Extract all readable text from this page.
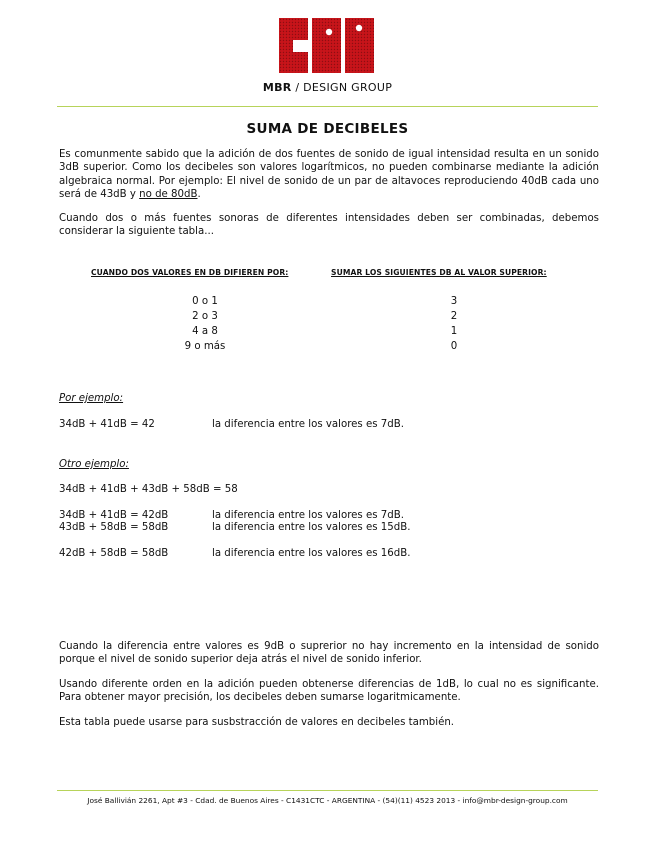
MBR / DESIGN GROUP
SUMA DE DECIBELES
Es comunmente sabido que la adición de dos fuentes de sonido de igual intensidad resulta en un sonido 3dB superior. Como los decibeles son valores logarítmicos, no pueden combinarse mediante la adición algebraica normal. Por ejemplo: El nivel de sonido de un par de altavoces reproduciendo 40dB cada uno será de 43dB y no de 80dB.
Cuando dos o más fuentes sonoras de diferentes intensidades deben ser combinadas, debemos considerar la siguiente tabla...
CUANDO DOS VALORES EN DB DIFIEREN POR:	SUMAR LOS SIGUIENTES DB AL VALOR SUPERIOR:
0 o 1	3
2 o 3	2
4 a 8	1
9 o más	0
Por ejemplo:
34dB + 41dB = 42	la diferencia entre los valores es 7dB.
Otro ejemplo:
34dB + 41dB + 43dB + 58dB = 58
34dB + 41dB = 42dB	la diferencia entre los valores es 7dB.
43dB + 58dB = 58dB	la diferencia entre los valores es 15dB.
42dB + 58dB = 58dB	la diferencia entre los valores es 16dB.
Cuando la diferencia entre valores es 9dB o suprerior no hay incremento en la intensidad de sonido porque el nivel de sonido superior deja atrás el nivel de sonido inferior.
Usando diferente orden en la adición pueden obtenerse diferencias de 1dB, lo cual no es significante. Para obtener mayor precisión, los decibeles deben sumarse logaritmicamente.
Esta tabla puede usarse para susbstracción de valores en decibeles también.
José Ballivián 2261, Apt #3 - Cdad. de Buenos Aires - C1431CTC - ARGENTINA - (54)(11) 4523 2013 - info@mbr-design-group.com
